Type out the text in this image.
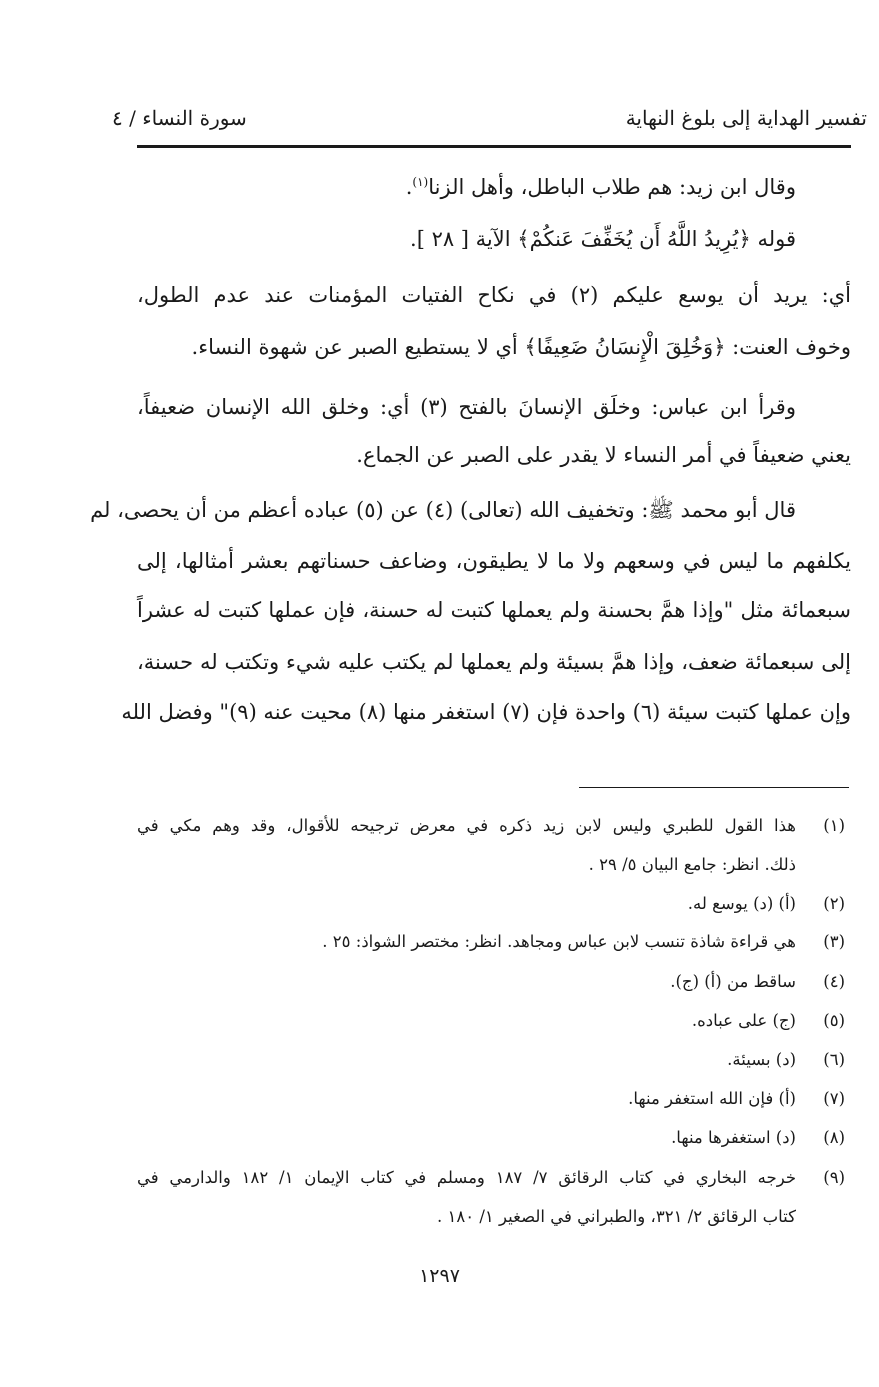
تفسير الهداية إلى بلوغ النهاية
سورة النساء / ٤
وقال ابن زيد: هم طلاب الباطل، وأهل الزنا$^{(١)}$.
قوله ﴿يُرِيدُ اللَّهُ أَن يُخَفِّفَ عَنكُمْ﴾ الآية [ ٢٨ ].
أي: يريد أن يوسع عليكم (٢) في نكاح الفتيات المؤمنات عند عدم الطول،
وخوف العنت: ﴿وَخُلِقَ الْإِنسَانُ ضَعِيفًا﴾ أي لا يستطيع الصبر عن شهوة النساء.
وقرأ ابن عباس: وخلَق الإنسانَ بالفتح (٣) أي: وخلق الله الإنسان ضعيفاً،
يعني ضعيفاً في أمر النساء لا يقدر على الصبر عن الجماع.
قال أبو محمد ﷺ: وتخفيف الله (تعالى) (٤) عن (٥) عباده أعظم من أن يحصى، لم
يكلفهم ما ليس في وسعهم ولا ما لا يطيقون، وضاعف حسناتهم بعشر أمثالها، إلى
سبعمائة مثل "وإذا همَّ بحسنة ولم يعملها كتبت له حسنة، فإن عملها كتبت له عشراً
إلى سبعمائة ضعف، وإذا همَّ بسيئة ولم يعملها لم يكتب عليه شيء وتكتب له حسنة،
وإن عملها كتبت سيئة (٦) واحدة فإن (٧) استغفر منها (٨) محيت عنه (٩)" وفضل الله
(١)
هذا القول للطبري وليس لابن زيد ذكره في معرض ترجيحه للأقوال، وقد وهم مكي في
ذلك. انظر: جامع البيان ٥/ ٢٩ .
(٢)
(أ) (د) يوسع له.
(٣)
هي قراءة شاذة تنسب لابن عباس ومجاهد. انظر: مختصر الشواذ: ٢٥ .
(٤)
ساقط من (أ) (ج).
(٥)
(ج) على عباده.
(٦)
(د) بسيئة.
(٧)
(أ) فإن الله استغفر منها.
(٨)
(د) استغفرها منها.
(٩)
خرجه البخاري في كتاب الرقائق ٧/ ١٨٧ ومسلم في كتاب الإيمان ١/ ١٨٢ والدارمي في
كتاب الرقائق ٢/ ٣٢١، والطبراني في الصغير ١/ ١٨٠ .
١٢٩٧
